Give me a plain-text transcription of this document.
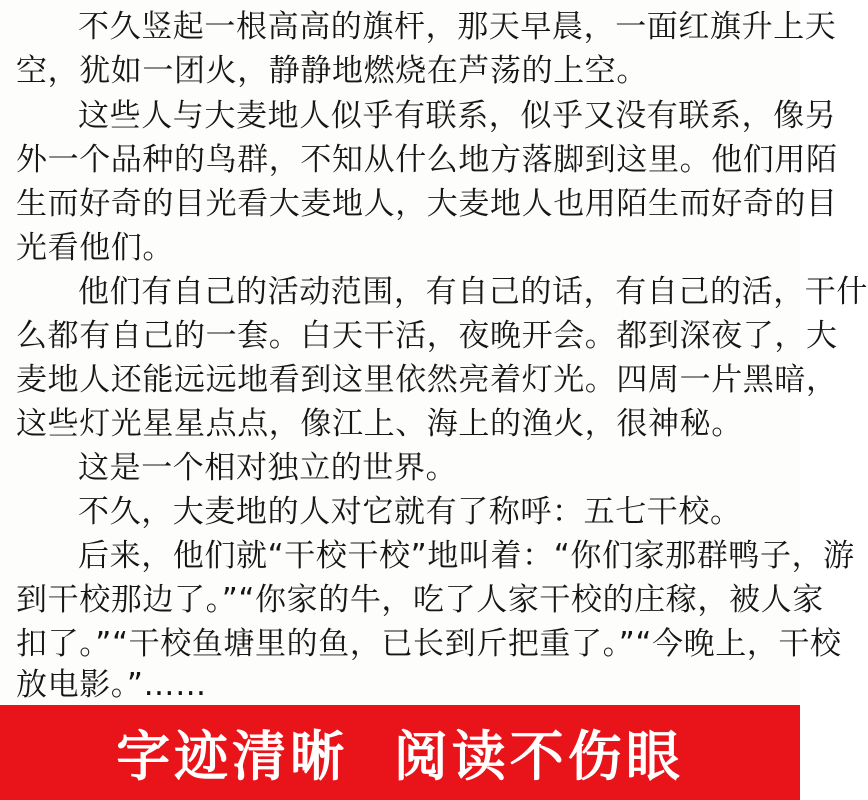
不久竖起一根高高的旗杆，那天早晨，一面红旗升上天
空，犹如一团火，静静地燃烧在芦荡的上空。
这些人与大麦地人似乎有联系，似乎又没有联系，像另
外一个品种的鸟群，不知从什么地方落脚到这里。他们用陌
生而好奇的目光看大麦地人，大麦地人也用陌生而好奇的目
光看他们。
他们有自己的活动范围，有自己的话，有自己的活，干什
么都有自己的一套。白天干活，夜晚开会。都到深夜了，大
麦地人还能远远地看到这里依然亮着灯光。四周一片黑暗，
这些灯光星星点点，像江上、海上的渔火，很神秘。
这是一个相对独立的世界。
不久，大麦地的人对它就有了称呼：五七干校。
后来，他们就“干校干校”地叫着：“你们家那群鸭子，游
到干校那边了。”“你家的牛，吃了人家干校的庄稼，被人家
扣了。”“干校鱼塘里的鱼，已长到斤把重了。”“今晚上，干校
放电影。”……
字迹清晰  阅读不伤眼
